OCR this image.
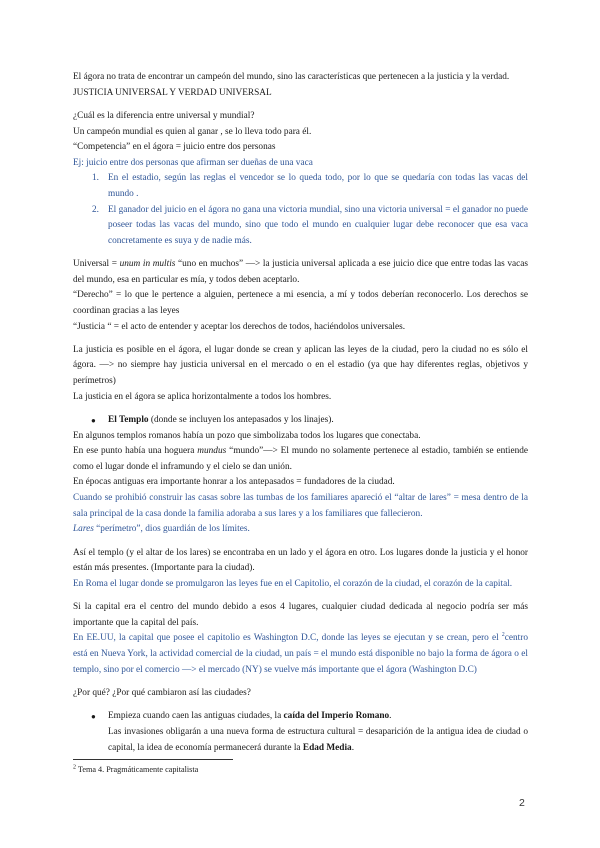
El ágora no trata de encontrar un campeón del mundo, sino las características que pertenecen a la justicia y la verdad.

JUSTICIA UNIVERSAL Y VERDAD UNIVERSAL

¿Cuál es la diferencia entre universal y mundial?

Un campeón mundial es quien al ganar , se lo lleva todo para él.

“Competencia” en el ágora = juicio entre dos personas

Ej: juicio entre dos personas que afirman ser dueñas de una vaca

1. En el estadio, según las reglas el vencedor se lo queda todo, por lo que se quedaría con todas las vacas del mundo .
2. El ganador del juicio en el ágora no gana una victoria mundial, sino una victoria universal = el ganador no puede poseer todas las vacas del mundo, sino que todo el mundo en cualquier lugar debe reconocer que esa vaca concretamente es suya y de nadie más.

Universal = unum in multis “uno en muchos” —> la justicia universal aplicada a ese juicio dice que entre todas las vacas del mundo, esa en particular es mía, y todos deben aceptarlo.

“Derecho” = lo que le pertence a alguien, pertenece a mi esencia, a mí y todos deberían reconocerlo. Los derechos se coordinan gracias a las leyes

“Justicia “ = el acto de entender y aceptar los derechos de todos, haciéndolos universales.

La justicia es posible en el ágora, el lugar donde se crean y aplican las leyes de la ciudad, pero la ciudad no es sólo el ágora. —> no siempre hay justicia universal en el mercado o en el estadio (ya que hay diferentes reglas, objetivos y perímetros)

La justicia en el ágora se aplica horizontalmente a todos los hombres.

● El Templo (donde se incluyen los antepasados y los linajes).

En algunos templos romanos había un pozo que simbolizaba todos los lugares que conectaba.

En ese punto había una hoguera mundus “mundo”—> El mundo no solamente pertenece al estadio, también se entiende como el lugar donde el inframundo y el cielo se dan unión.

En épocas antiguas era importante honrar a los antepasados = fundadores de la ciudad.

Cuando se prohibió construir las casas sobre las tumbas de los familiares apareció el “altar de lares” = mesa dentro de la sala principal de la casa donde la familia adoraba a sus lares y a los familiares que fallecieron.

Lares “perímetro”, dios guardián de los límites.

Así el templo (y el altar de los lares) se encontraba en un lado y el ágora en otro. Los lugares donde la justicia y el honor están más presentes. (Importante para la ciudad).

En Roma el lugar donde se promulgaron las leyes fue en el Capitolio, el corazón de la ciudad, el corazón de la capital.

Si la capital era el centro del mundo debido a esos 4 lugares, cualquier ciudad dedicada al negocio podría ser más importante que la capital del país.

En EE.UU, la capital que posee el capitolio es Washington D.C, donde las leyes se ejecutan y se crean, pero el $^2$centro está en Nueva York, la actividad comercial de la ciudad, un país = el mundo está disponible no bajo la forma de ágora o el templo, sino por el comercio —> el mercado (NY) se vuelve más importante que el ágora (Washington D.C)

¿Por qué? ¿Por qué cambiaron así las ciudades?

● Empieza cuando caen las antiguas ciudades, la caída del Imperio Romano.
Las invasiones obligarán a una nueva forma de estructura cultural = desaparición de la antigua idea de ciudad o capital, la idea de economía permanecerá durante la Edad Media.
$^2$ Tema 4. Pragmáticamente capitalista
2
